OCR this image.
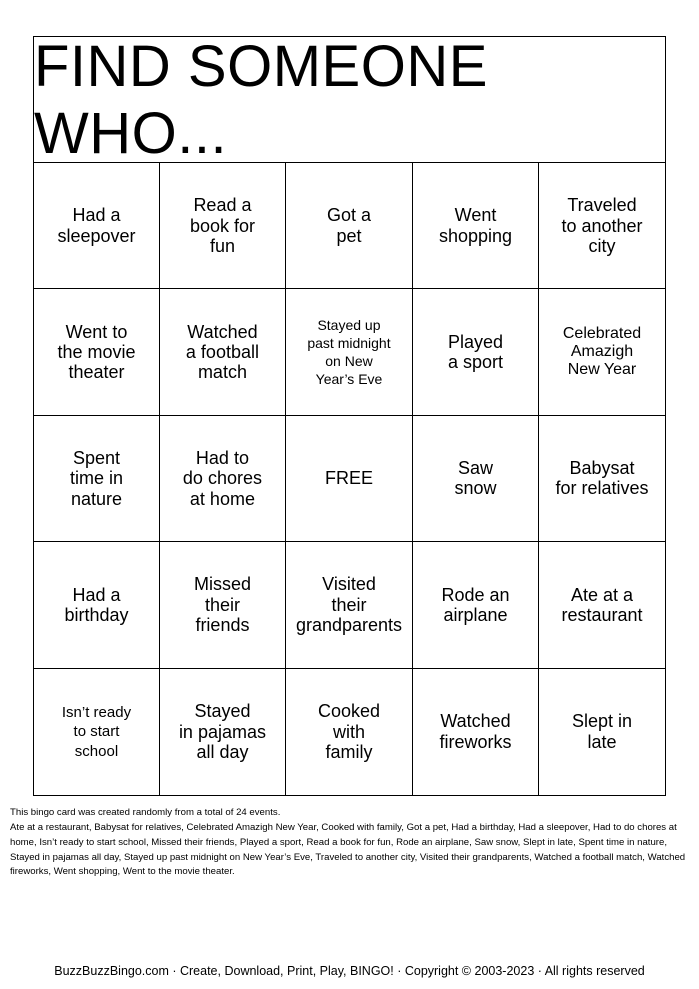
FIND SOMEONE WHO...
Had a
sleepover
Read a
book for
fun
Got a
pet
Went
shopping
Traveled
to another
city
Went to
the movie
theater
Watched
a football
match
Stayed up
past midnight
on New
Year’s Eve
Played
a sport
Celebrated
Amazigh
New Year
Spent
time in
nature
Had to
do chores
at home
FREE
Saw
snow
Babysat
for relatives
Had a
birthday
Missed
their
friends
Visited
their
grandparents
Rode an
airplane
Ate at a
restaurant
Isn’t ready
to start
school
Stayed
in pajamas
all day
Cooked
with
family
Watched
fireworks
Slept in
late
This bingo card was created randomly from a total of 24 events.
Ate at a restaurant, Babysat for relatives, Celebrated Amazigh New Year, Cooked with family, Got a pet, Had a birthday, Had a sleepover, Had to do chores at home, Isn’t ready to start school, Missed their friends, Played a sport, Read a book for fun, Rode an airplane, Saw snow, Slept in late, Spent time in nature, Stayed in pajamas all day, Stayed up past midnight on New Year’s Eve, Traveled to another city, Visited their grandparents, Watched a football match, Watched fireworks, Went shopping, Went to the movie theater.
BuzzBuzzBingo.com · Create, Download, Print, Play, BINGO! · Copyright © 2003-2023 · All rights reserved
